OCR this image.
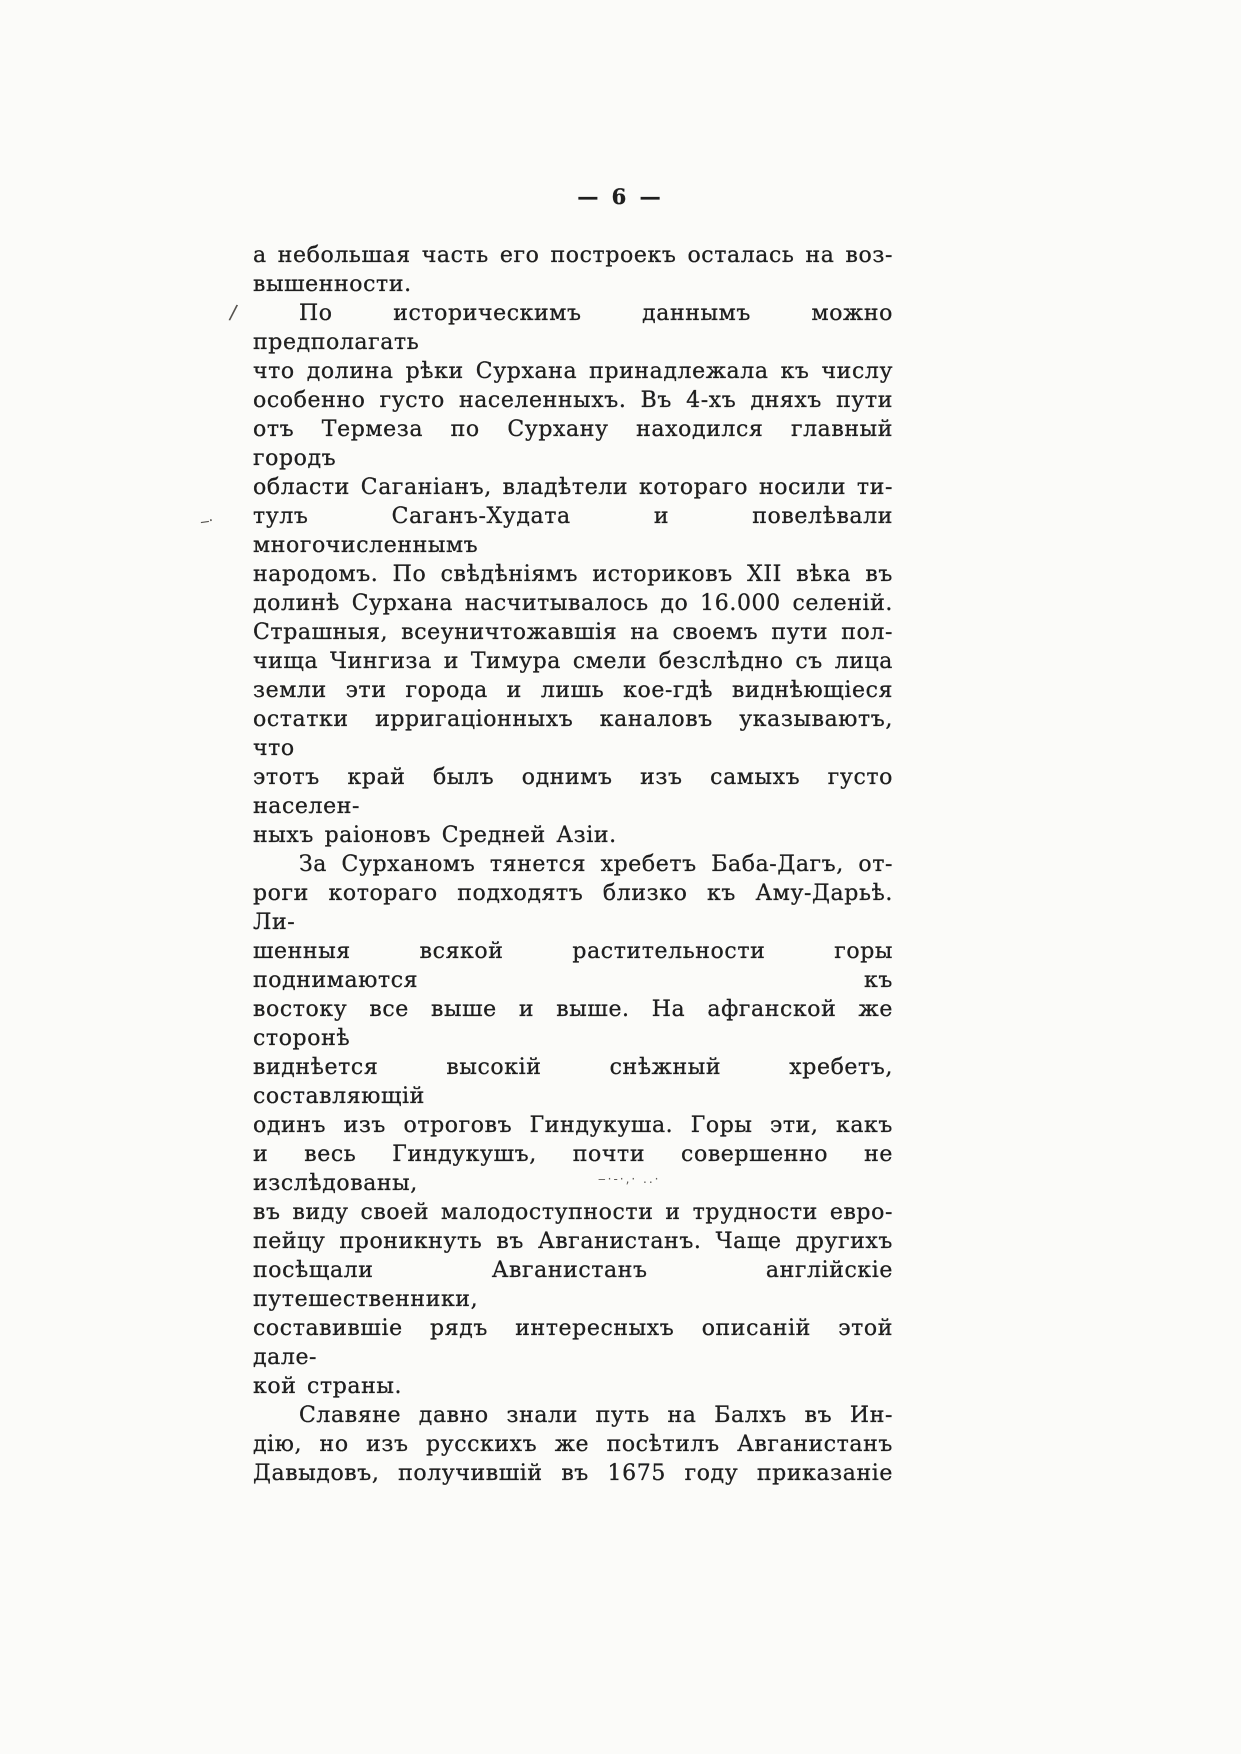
— 6 —
а небольшая часть его построекъ осталась на воз-
вышенности.
По историческимъ даннымъ можно предполагать
что долина рѣки Сурхана принадлежала къ числу
особенно густо населенныхъ. Въ 4-хъ дняхъ пути
отъ Термеза по Сурхану находился главный городъ
области Саганіанъ, владѣтели котораго носили ти-
тулъ Саганъ-Худата и повелѣвали многочисленнымъ
народомъ. По свѣдѣніямъ историковъ XII вѣка въ
долинѣ Сурхана насчитывалось до 16.000 селеній.
Страшныя, всеуничтожавшія на своемъ пути пол-
чища Чингиза и Тимура смели безслѣдно съ лица
земли эти города и лишь кое-гдѣ виднѣющіеся
остатки ирригаціонныхъ каналовъ указываютъ, что
этотъ край былъ однимъ изъ самыхъ густо населен-
ныхъ раіоновъ Средней Азіи.
За Сурханомъ тянется хребетъ Баба-Дагъ, от-
роги котораго подходятъ близко къ Аму-Дарьѣ. Ли-
шенныя всякой растительности горы поднимаются къ
востоку все выше и выше. На афганской же сторонѣ
виднѣется высокій снѣжный хребетъ, составляющій
одинъ изъ отроговъ Гиндукуша. Горы эти, какъ
и весь Гиндукушъ, почти совершенно не изслѣдованы,
въ виду своей малодоступности и трудности евро-
пейцу проникнуть въ Авганистанъ. Чаще другихъ
посѣщали Авганистанъ англійскіе путешественники,
составившіе рядъ интересныхъ описаній этой дале-
кой страны.
Славяне давно знали путь на Балхъ въ Ин-
дію, но изъ русскихъ же посѣтилъ Авганистанъ
Давыдовъ, получившій въ 1675 году приказаніе
/
‒·
‒·-·,· ..·
